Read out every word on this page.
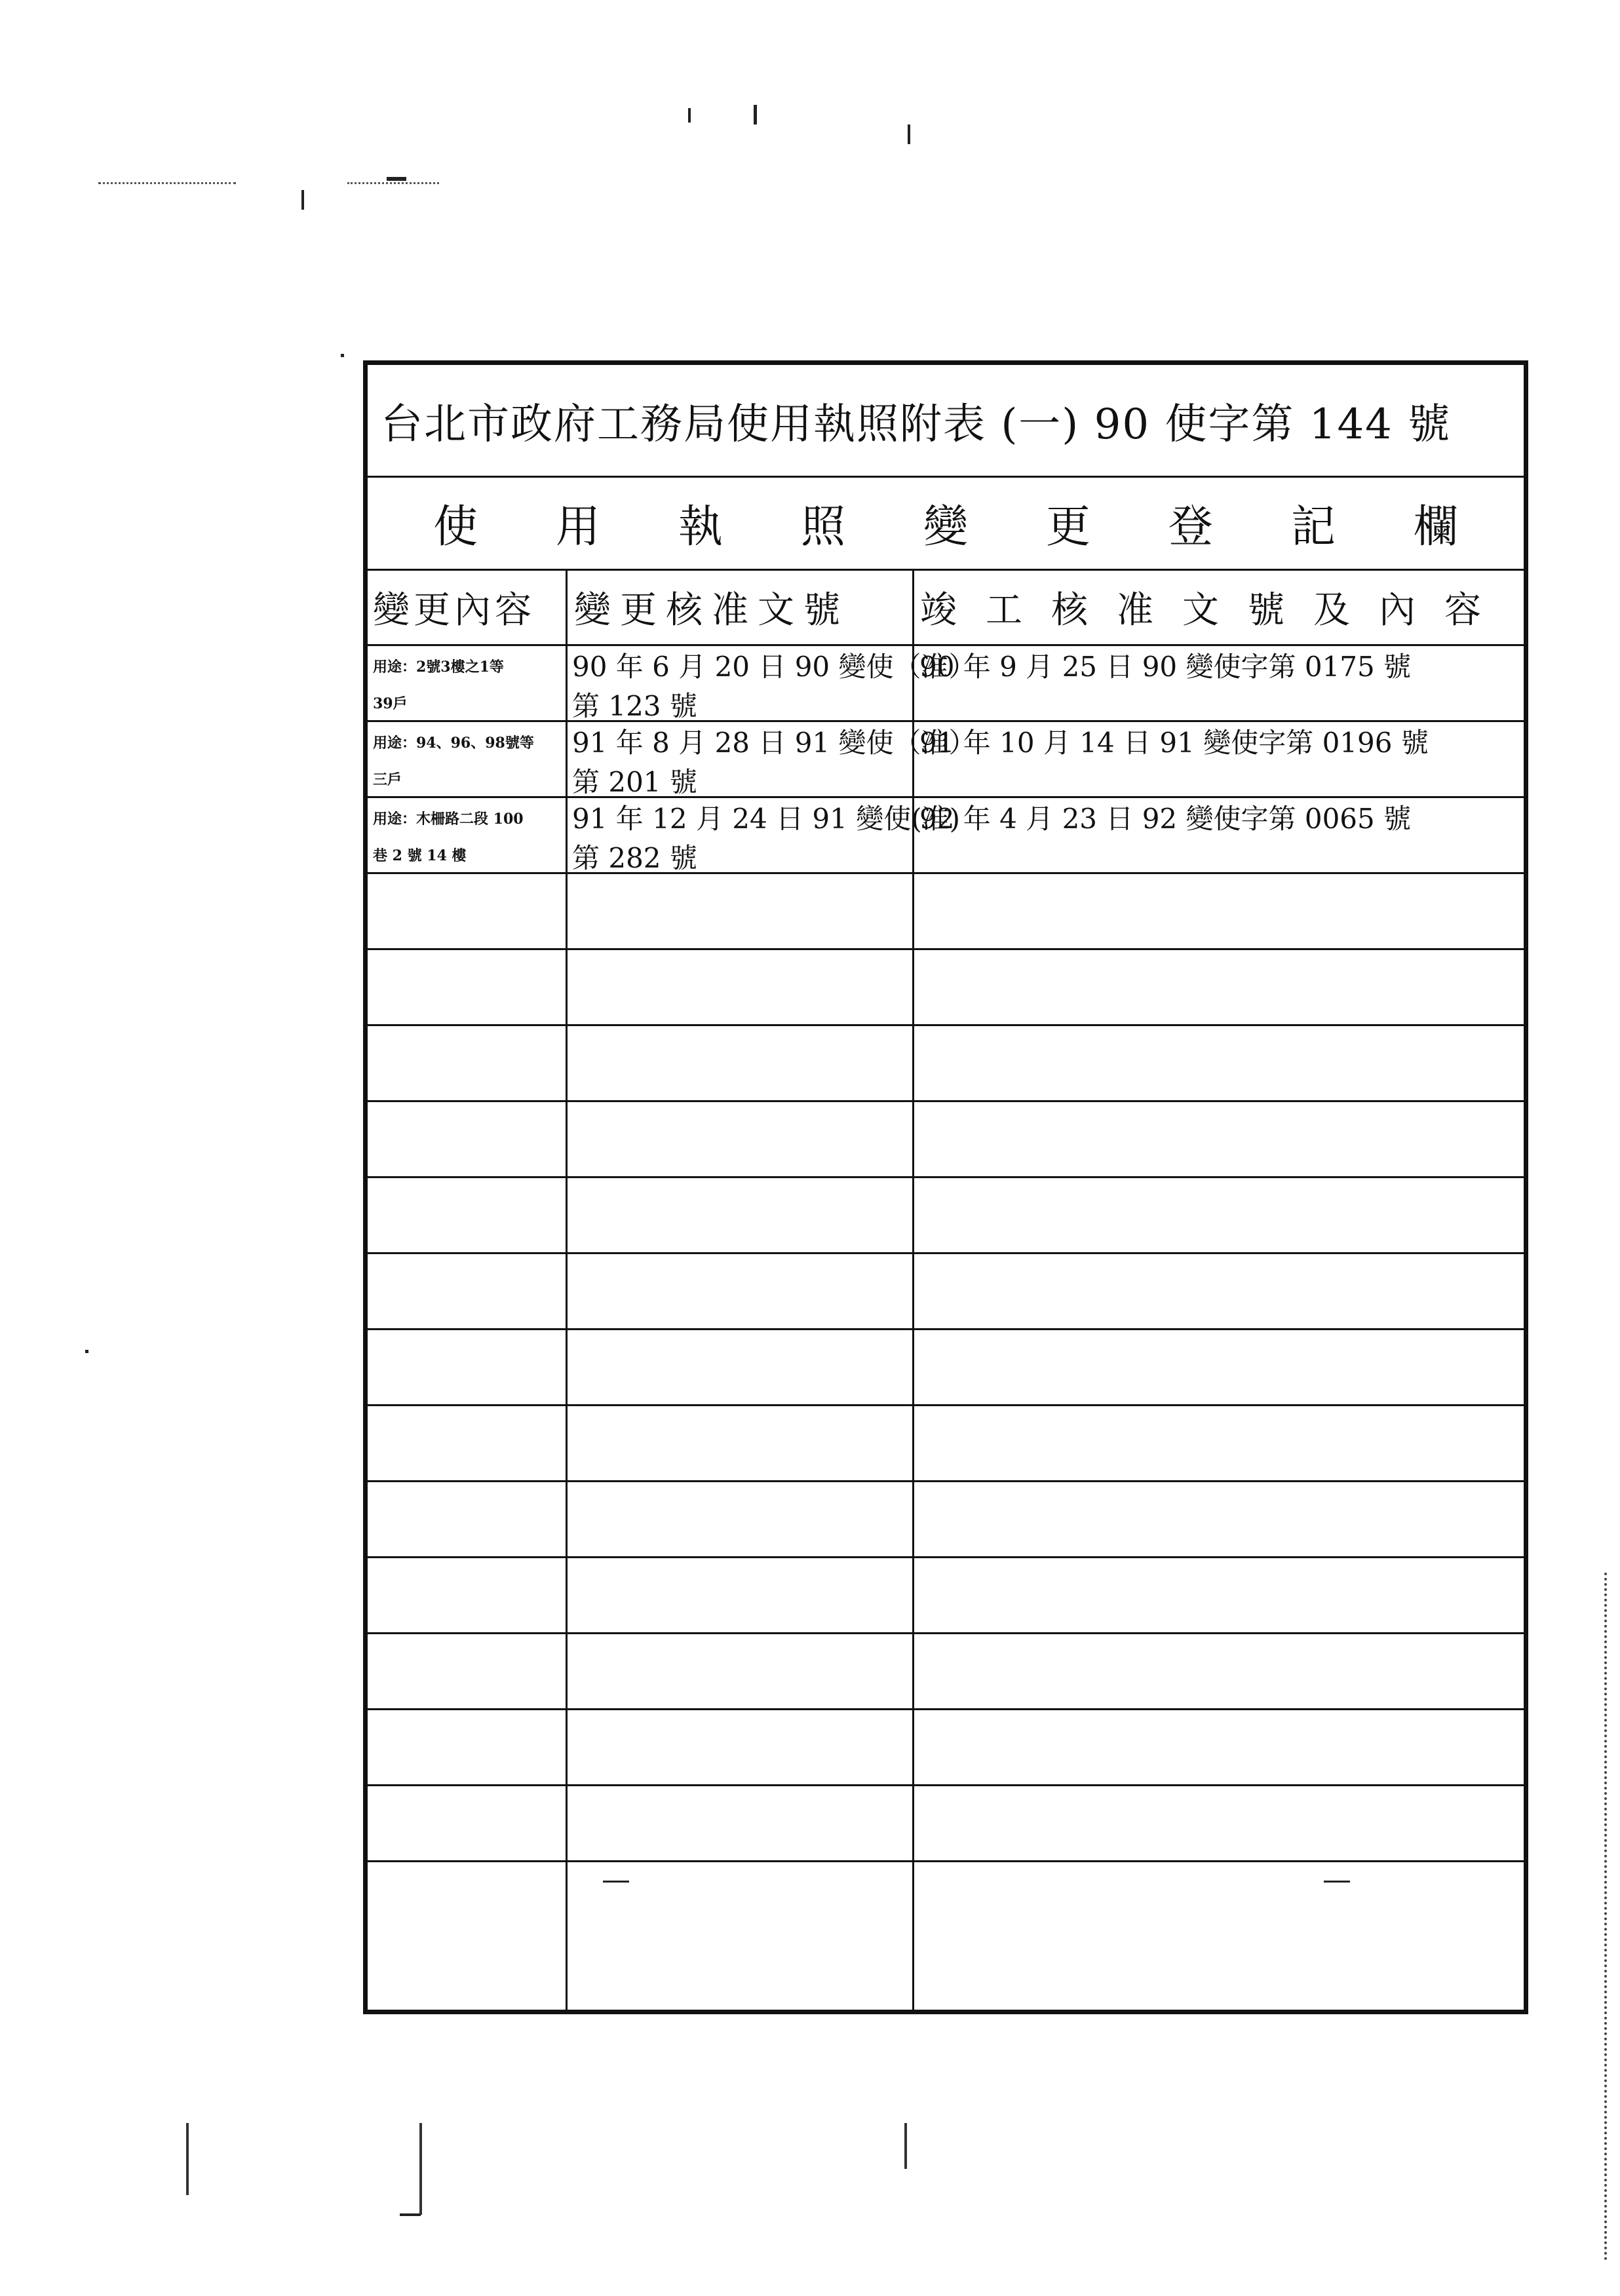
台北市政府工務局使用執照附表 (一) 90 使字第 144 號
使 用 執 照 變 更 登 記 欄
變更內容	變更核准文號	竣工核准文號及內容
用途：2號3樓之1等
39戶
90 年 6 月 20 日 90 變使（准）
第 123 號
90 年 9 月 25 日 90 變使字第 0175 號
用途：94、96、98號等
三戶
91 年 8 月 28 日 91 變使（准）
第 201 號
91 年 10 月 14 日 91 變使字第 0196 號
用途：木柵路二段 100
巷 2 號 14 樓
91 年 12 月 24 日 91 變使(准)
第 282 號
92 年 4 月 23 日 92 變使字第 0065 號
